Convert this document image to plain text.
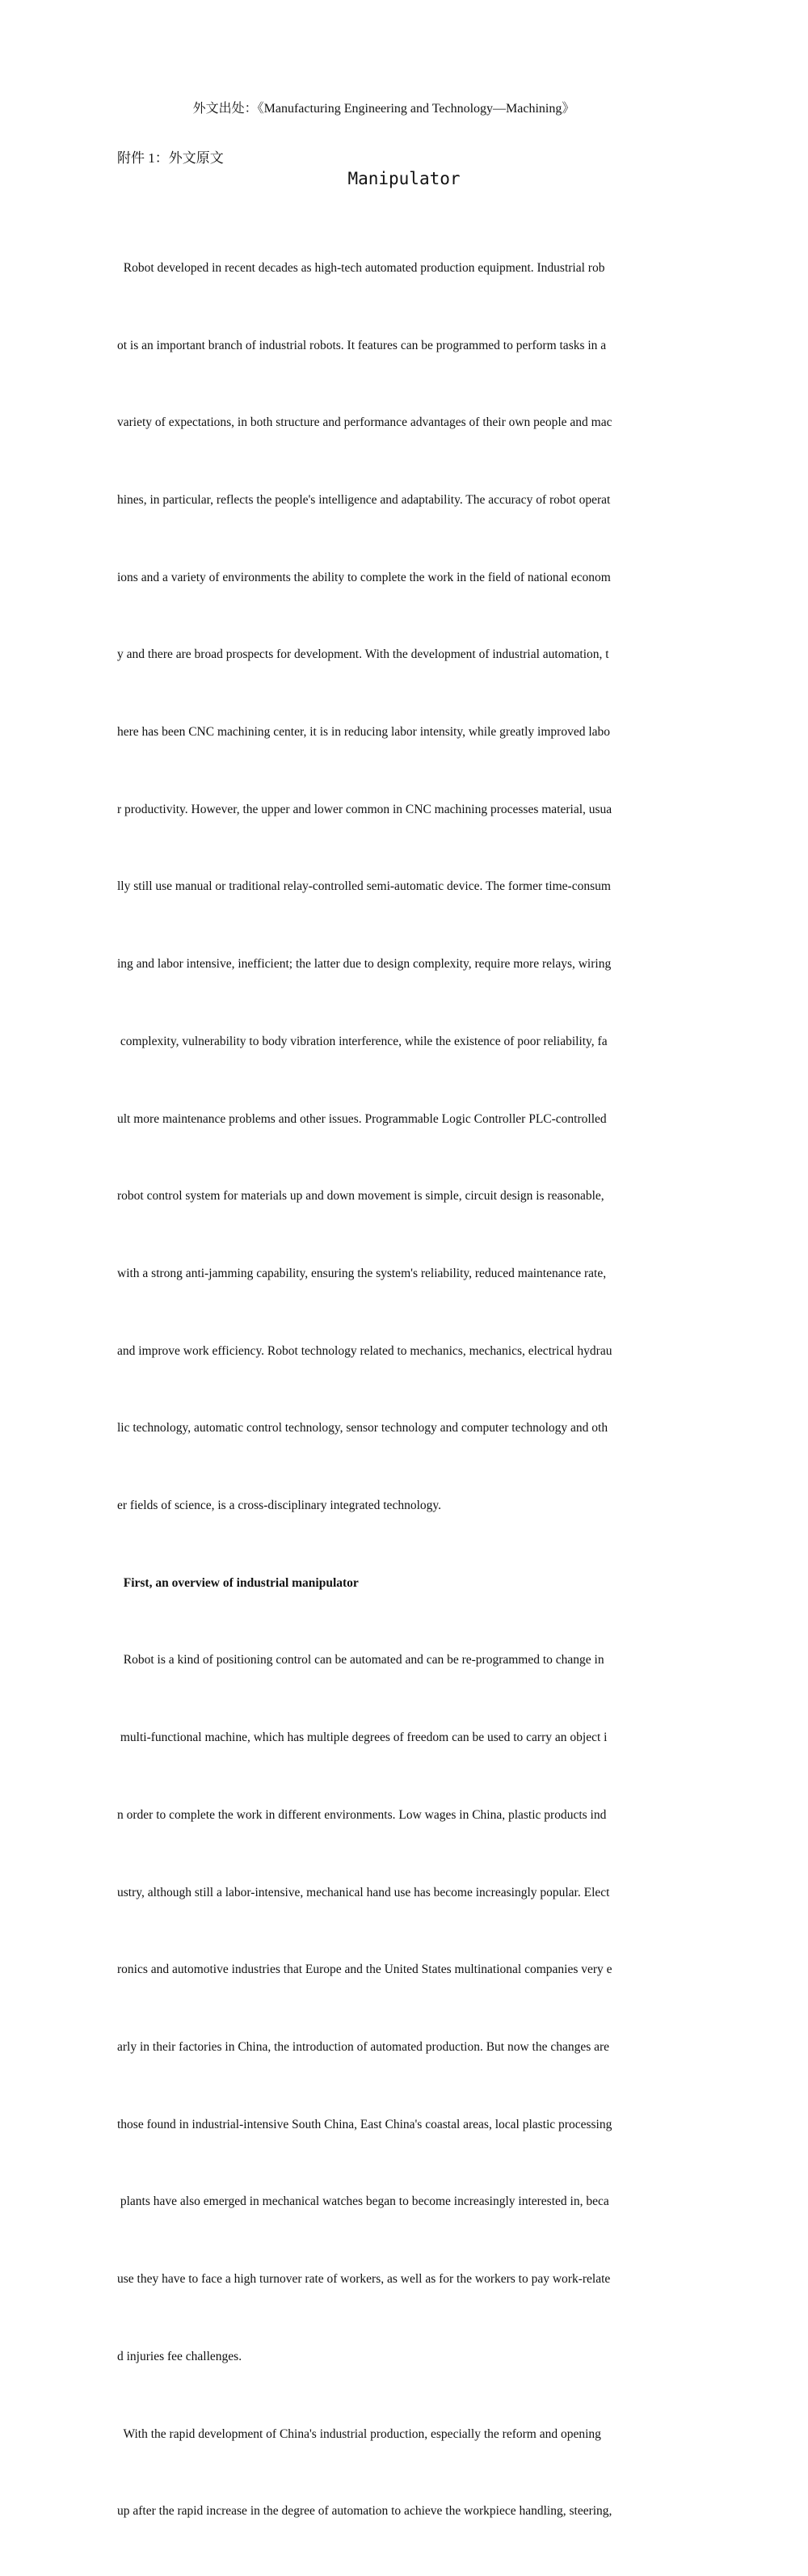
外文出处：《Manufacturing Engineering and Technology—Machining》
附件 1：外文原文
Manipulator

Robot developed in recent decades as high-tech automated production equipment. Industrial rob

ot is an important branch of industrial robots. It features can be programmed to perform tasks in a

variety of expectations, in both structure and performance advantages of their own people and mac

hines, in particular, reflects the people's intelligence and adaptability. The accuracy of robot operat

ions and a variety of environments the ability to complete the work in the field of national econom

y and there are broad prospects for development. With the development of industrial automation, t

here has been CNC machining center, it is in reducing labor intensity, while greatly improved labo

r productivity. However, the upper and lower common in CNC machining processes material, usua

lly still use manual or traditional relay-controlled semi-automatic device. The former time-consum

ing and labor intensive, inefficient; the latter due to design complexity, require more relays, wiring

complexity, vulnerability to body vibration interference, while the existence of poor reliability, fa

ult more maintenance problems and other issues. Programmable Logic Controller PLC-controlled

robot control system for materials up and down movement is simple, circuit design is reasonable,

with a strong anti-jamming capability, ensuring the system's reliability, reduced maintenance rate,

and improve work efficiency. Robot technology related to mechanics, mechanics, electrical hydrau

lic technology, automatic control technology, sensor technology and computer technology and oth

er fields of science, is a cross-disciplinary integrated technology.

First, an overview of industrial manipulator

Robot is a kind of positioning control can be automated and can be re-programmed to change in

multi-functional machine, which has multiple degrees of freedom can be used to carry an object i

n order to complete the work in different environments. Low wages in China, plastic products ind

ustry, although still a labor-intensive, mechanical hand use has become increasingly popular. Elect

ronics and automotive industries that Europe and the United States multinational companies very e

arly in their factories in China, the introduction of automated production. But now the changes are

those found in industrial-intensive South China, East China's coastal areas, local plastic processing

plants have also emerged in mechanical watches began to become increasingly interested in, beca

use they have to face a high turnover rate of workers, as well as for the workers to pay work-relate

d injuries fee challenges.

With the rapid development of China's industrial production, especially the reform and opening

up after the rapid increase in the degree of automation to achieve the workpiece handling, steering,
